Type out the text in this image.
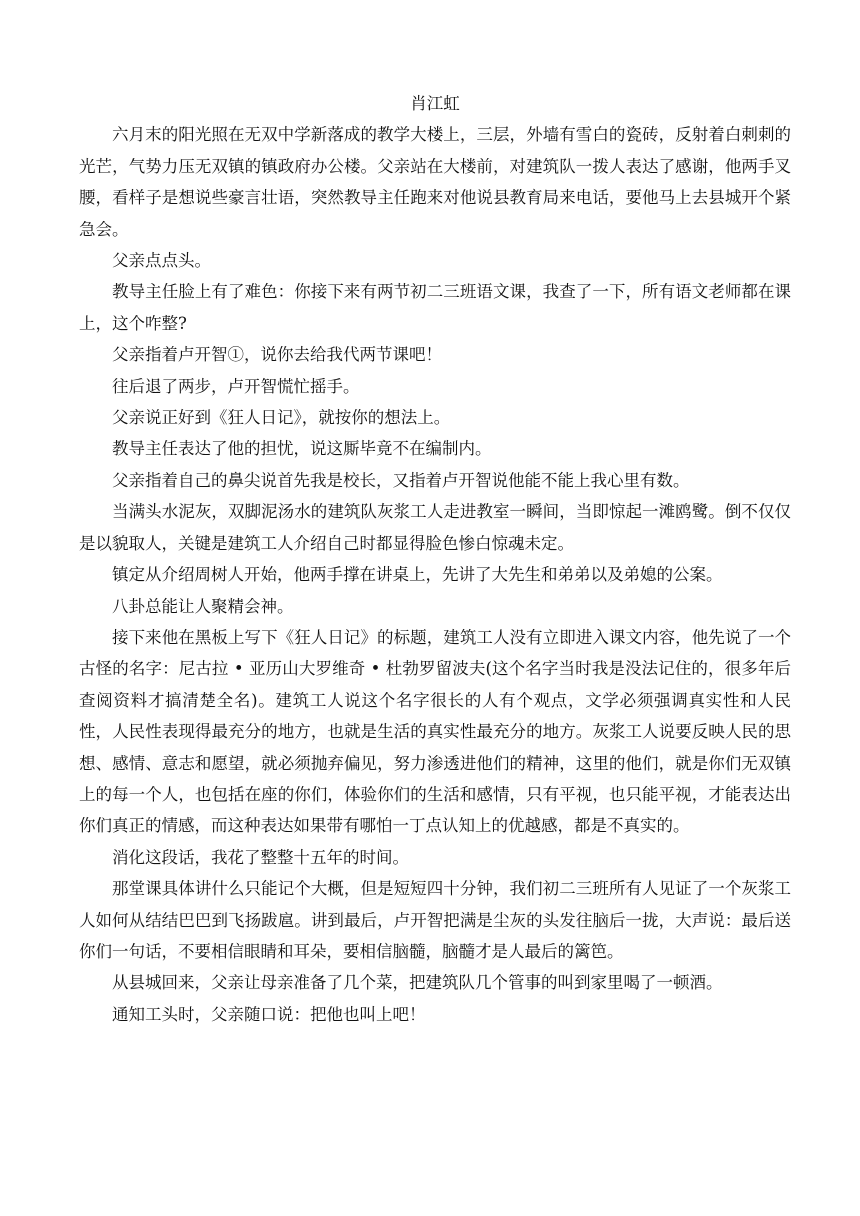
肖江虹

六月末的阳光照在无双中学新落成的教学大楼上，三层，外墙有雪白的瓷砖，反射着白刺刺的光芒，气势力压无双镇的镇政府办公楼。父亲站在大楼前，对建筑队一拨人表达了感谢，他两手叉腰，看样子是想说些豪言壮语，突然教导主任跑来对他说县教育局来电话，要他马上去县城开个紧急会。

父亲点点头。

教导主任脸上有了难色：你接下来有两节初二三班语文课，我查了一下，所有语文老师都在课上，这个咋整?

父亲指着卢开智①，说你去给我代两节课吧！

往后退了两步，卢开智慌忙摇手。

父亲说正好到《狂人日记》，就按你的想法上。

教导主任表达了他的担忧，说这厮毕竟不在编制内。

父亲指着自己的鼻尖说首先我是校长，又指着卢开智说他能不能上我心里有数。

当满头水泥灰，双脚泥汤水的建筑队灰浆工人走进教室一瞬间，当即惊起一滩鸥鹭。倒不仅仅是以貌取人，关键是建筑工人介绍自己时都显得脸色惨白惊魂未定。

镇定从介绍周树人开始，他两手撑在讲桌上，先讲了大先生和弟弟以及弟媳的公案。

八卦总能让人聚精会神。

接下来他在黑板上写下《狂人日记》的标题，建筑工人没有立即进入课文内容，他先说了一个古怪的名字：尼古拉 • 亚历山大罗维奇 • 杜勃罗留波夫(这个名字当时我是没法记住的，很多年后查阅资料才搞清楚全名)。建筑工人说这个名字很长的人有个观点，文学必须强调真实性和人民性，人民性表现得最充分的地方，也就是生活的真实性最充分的地方。灰浆工人说要反映人民的思想、感情、意志和愿望，就必须抛弃偏见，努力渗透进他们的精神，这里的他们，就是你们无双镇上的每一个人，也包括在座的你们，体验你们的生活和感情，只有平视，也只能平视，才能表达出你们真正的情感，而这种表达如果带有哪怕一丁点认知上的优越感，都是不真实的。

消化这段话，我花了整整十五年的时间。

那堂课具体讲什么只能记个大概，但是短短四十分钟，我们初二三班所有人见证了一个灰浆工人如何从结结巴巴到飞扬跋扈。讲到最后，卢开智把满是尘灰的头发往脑后一拢，大声说：最后送你们一句话，不要相信眼睛和耳朵，要相信脑髓，脑髓才是人最后的篱笆。

从县城回来，父亲让母亲准备了几个菜，把建筑队几个管事的叫到家里喝了一顿酒。

通知工头时，父亲随口说：把他也叫上吧！
